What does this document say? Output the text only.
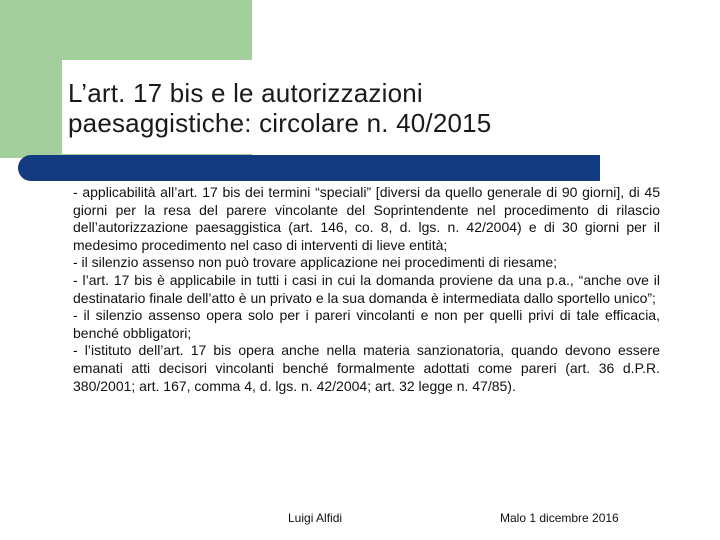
L’art. 17 bis e le autorizzazioni
paesaggistiche: circolare n. 40/2015

- applicabilità all’art. 17 bis dei termini “speciali” [diversi da quello generale di 90 giorni], di 45 giorni per la resa del parere vincolante del Soprintendente nel procedimento di rilascio dell’autorizzazione paesaggistica (art. 146, co. 8, d. lgs. n. 42/2004) e di 30 giorni per il medesimo procedimento nel caso di interventi di lieve entità;

- il silenzio assenso non può trovare applicazione nei procedimenti di riesame;

- l’art. 17 bis è applicabile in tutti i casi in cui la domanda proviene da una p.a., “anche ove il destinatario finale dell’atto è un privato e la sua domanda è intermediata dallo sportello unico”;

- il silenzio assenso opera solo per i pareri vincolanti e non per quelli privi di tale efficacia, benché obbligatori;

- l’istituto dell’art. 17 bis opera anche nella materia sanzionatoria, quando devono essere emanati atti decisori vincolanti benché formalmente adottati come pareri (art. 36 d.P.R. 380/2001; art. 167, comma 4, d. lgs. n. 42/2004; art. 32 legge n. 47/85).

Luigi Alfidi	Malo 1 dicembre 2016
